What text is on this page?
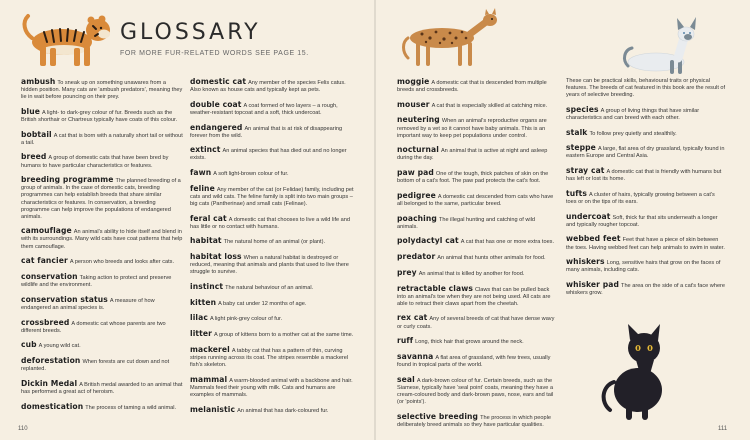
GLOSSARY
FOR MORE FUR-RELATED WORDS SEE PAGE 15.

ambush To sneak up on something unawares from a hidden position. Many cats are 'ambush predators', meaning they lie in wait before pouncing on their prey.

blue A light- to dark-grey colour of fur. Breeds such as the British shorthair or Chartreux typically have coats of this colour.

bobtail A cat that is born with a naturally short tail or without a tail.

breed A group of domestic cats that have been bred by humans to have particular characteristics or features.

breeding programme The planned breeding of a group of animals. In the case of domestic cats, breeding programmes can help establish breeds that share similar characteristics or features. In conservation, a breeding programme can help improve the populations of endangered animals.

camouflage An animal's ability to hide itself and blend in with its surroundings. Many wild cats have coat patterns that help them camouflage.

cat fancier A person who breeds and looks after cats.

conservation Taking action to protect and preserve wildlife and the environment.

conservation status A measure of how endangered an animal species is.

crossbreed A domestic cat whose parents are two different breeds.

cub A young wild cat.

deforestation When forests are cut down and not replanted.

Dickin Medal A British medal awarded to an animal that has performed a great act of heroism.

domestication The process of taming a wild animal.

domestic cat Any member of the species Felis catus. Also known as house cats and typically kept as pets.

double coat A coat formed of two layers – a rough, weather-resistant topcoat and a soft, thick undercoat.

endangered An animal that is at risk of disappearing forever from the wild.

extinct An animal species that has died out and no longer exists.

fawn A soft light-brown colour of fur.

feline Any member of the cat (or Felidae) family, including pet cats and wild cats. The feline family is split into two main groups – big cats (Pantherinae) and small cats (Felinae).

feral cat A domestic cat that chooses to live a wild life and has little or no contact with humans.

habitat The natural home of an animal (or plant).

habitat loss When a natural habitat is destroyed or reduced, meaning that animals and plants that used to live there struggle to survive.

instinct The natural behaviour of an animal.

kitten A baby cat under 12 months of age.

lilac A light pink-grey colour of fur.

litter A group of kittens born to a mother cat at the same time.

mackerel A tabby cat that has a pattern of thin, curving stripes running across its coat. The stripes resemble a mackerel fish's skeleton.

mammal A warm-blooded animal with a backbone and hair. Mammals feed their young with milk. Cats and humans are examples of mammals.

melanistic An animal that has dark-coloured fur.

moggie A domestic cat that is descended from multiple breeds and crossbreeds.

mouser A cat that is especially skilled at catching mice.

neutering When an animal's reproductive organs are removed by a vet so it cannot have baby animals. This is an important way to keep pet populations under control.

nocturnal An animal that is active at night and asleep during the day.

paw pad One of the tough, thick patches of skin on the bottom of a cat's foot. The paw pad protects the cat's foot.

pedigree A domestic cat descended from cats who have all belonged to the same, particular breed.

poaching The illegal hunting and catching of wild animals.

polydactyl cat A cat that has one or more extra toes.

predator An animal that hunts other animals for food.

prey An animal that is killed by another for food.

retractable claws Claws that can be pulled back into an animal's toe when they are not being used. All cats are able to retract their claws apart from the cheetah.

rex cat Any of several breeds of cat that have dense wavy or curly coats.

ruff Long, thick hair that grows around the neck.

savanna A flat area of grassland, with few trees, usually found in tropical parts of the world.

seal A dark-brown colour of fur. Certain breeds, such as the Siamese, typically have 'seal point' coats, meaning they have a cream-coloured body and dark-brown paws, nose, ears and tail (or 'points').

selective breeding The process in which people deliberately breed animals so they have particular qualities.

These can be practical skills, behavioural traits or physical features. The breeds of cat featured in this book are the result of years of selective breeding.

species A group of living things that have similar characteristics and can breed with each other.

stalk To follow prey quietly and stealthily.

steppe A large, flat area of dry grassland, typically found in eastern Europe and Central Asia.

stray cat A domestic cat that is friendly with humans but has left or lost its home.

tufts A cluster of hairs, typically growing between a cat's toes or on the tips of its ears.

undercoat Soft, thick fur that sits underneath a longer and typically rougher topcoat.

webbed feet Feet that have a piece of skin between the toes. Having webbed feet can help animals to swim in water.

whiskers Long, sensitive hairs that grow on the faces of many animals, including cats.

whisker pad The area on the side of a cat's face where whiskers grow.

110	111
